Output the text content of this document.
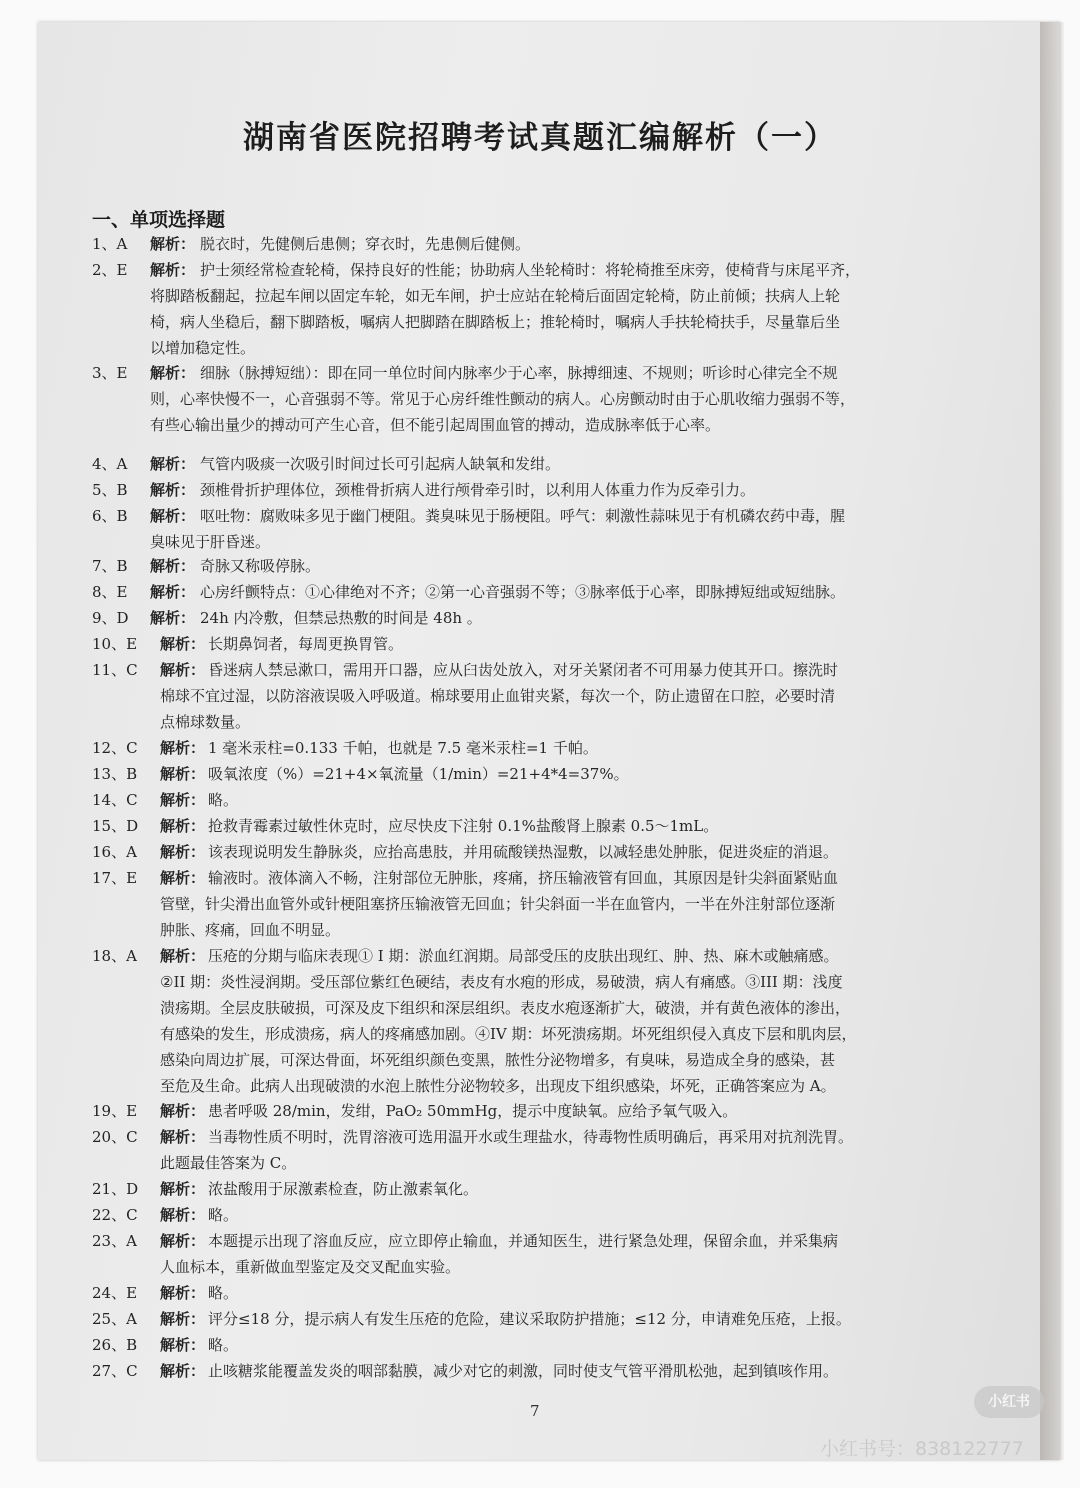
湖南省医院招聘考试真题汇编解析（一）
一、单项选择题
1、A 解析： 脱衣时，先健侧后患侧；穿衣时，先患侧后健侧。
2、E 解析： 护士须经常检查轮椅，保持良好的性能；协助病人坐轮椅时：将轮椅推至床旁，使椅背与床尾平齐，
将脚踏板翻起，拉起车闸以固定车轮，如无车闸，护士应站在轮椅后面固定轮椅，防止前倾；扶病人上轮
椅，病人坐稳后，翻下脚踏板，嘱病人把脚踏在脚踏板上；推轮椅时，嘱病人手扶轮椅扶手，尽量靠后坐
以增加稳定性。
3、E 解析： 细脉（脉搏短绌）：即在同一单位时间内脉率少于心率，脉搏细速、不规则；听诊时心律完全不规
则，心率快慢不一，心音强弱不等。常见于心房纤维性颤动的病人。心房颤动时由于心肌收缩力强弱不等，
有些心输出量少的搏动可产生心音，但不能引起周围血管的搏动，造成脉率低于心率。
4、A 解析： 气管内吸痰一次吸引时间过长可引起病人缺氧和发绀。
5、B 解析： 颈椎骨折护理体位，颈椎骨折病人进行颅骨牵引时，以利用人体重力作为反牵引力。
6、B 解析： 呕吐物：腐败味多见于幽门梗阻。粪臭味见于肠梗阻。呼气：刺激性蒜味见于有机磷农药中毒，腥
臭味见于肝昏迷。
7、B 解析： 奇脉又称吸停脉。
8、E 解析： 心房纤颤特点：①心律绝对不齐；②第一心音强弱不等；③脉率低于心率，即脉搏短绌或短绌脉。
9、D 解析： 24h 内冷敷，但禁忌热敷的时间是 48h 。
10、E 解析： 长期鼻饲者，每周更换胃管。
11、C 解析： 昏迷病人禁忌漱口，需用开口器，应从臼齿处放入，对牙关紧闭者不可用暴力使其开口。擦洗时
棉球不宜过湿，以防溶液误吸入呼吸道。棉球要用止血钳夹紧，每次一个，防止遗留在口腔，必要时清
点棉球数量。
12、C 解析： 1 毫米汞柱=0.133 千帕，也就是 7.5 毫米汞柱=1 千帕。
13、B 解析： 吸氧浓度（%）=21+4×氧流量（1/min）=21+4*4=37%。
14、C 解析： 略。
15、D 解析： 抢救青霉素过敏性休克时，应尽快皮下注射 0.1%盐酸肾上腺素 0.5～1mL。
16、A 解析： 该表现说明发生静脉炎，应抬高患肢，并用硫酸镁热湿敷，以减轻患处肿胀，促进炎症的消退。
17、E 解析： 输液时。液体滴入不畅，注射部位无肿胀，疼痛，挤压输液管有回血，其原因是针尖斜面紧贴血
管壁，针尖滑出血管外或针梗阻塞挤压输液管无回血；针尖斜面一半在血管内，一半在外注射部位逐渐
肿胀、疼痛，回血不明显。
18、A 解析： 压疮的分期与临床表现① I 期：淤血红润期。局部受压的皮肤出现红、肿、热、麻木或触痛感。
②II 期：炎性浸润期。受压部位紫红色硬结，表皮有水疱的形成，易破溃，病人有痛感。③III 期：浅度
溃疡期。全层皮肤破损，可深及皮下组织和深层组织。表皮水疱逐渐扩大，破溃，并有黄色液体的渗出，
有感染的发生，形成溃疡，病人的疼痛感加剧。④IV 期：坏死溃疡期。坏死组织侵入真皮下层和肌肉层，
感染向周边扩展，可深达骨面，坏死组织颜色变黑，脓性分泌物增多，有臭味，易造成全身的感染，甚
至危及生命。此病人出现破溃的水泡上脓性分泌物较多，出现皮下组织感染，坏死，正确答案应为 A。
19、E 解析： 患者呼吸 28/min，发绀，PaO₂ 50mmHg，提示中度缺氧。应给予氧气吸入。
20、C 解析： 当毒物性质不明时，洗胃溶液可选用温开水或生理盐水，待毒物性质明确后，再采用对抗剂洗胃。
此题最佳答案为 C。
21、D 解析： 浓盐酸用于尿激素检查，防止激素氧化。
22、C 解析： 略。
23、A 解析： 本题提示出现了溶血反应，应立即停止输血，并通知医生，进行紧急处理，保留余血，并采集病
人血标本，重新做血型鉴定及交叉配血实验。
24、E 解析： 略。
25、A 解析： 评分≤18 分，提示病人有发生压疮的危险，建议采取防护措施；≤12 分，申请难免压疮，上报。
26、B 解析： 略。
27、C 解析： 止咳糖浆能覆盖发炎的咽部黏膜，减少对它的刺激，同时使支气管平滑肌松弛，起到镇咳作用。
7	小红书
小红书号：838122777
